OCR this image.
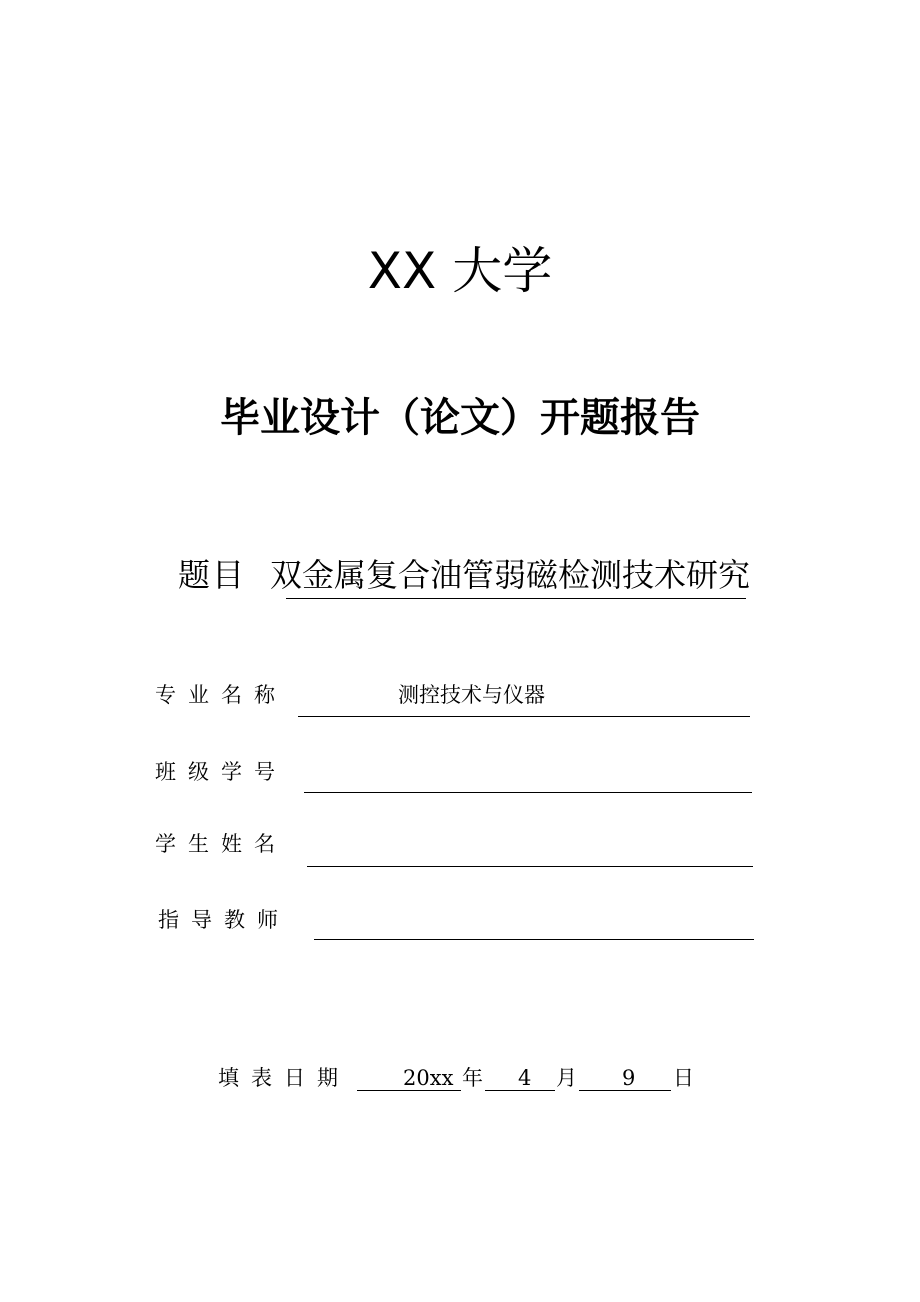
XX 大学
毕业设计（论文）开题报告
题目 双金属复合油管弱磁检测技术研究
专业名称	测控技术与仪器
班级学号
学生姓名
指导教师
填表日期	20xx 年 4 月 9 日
